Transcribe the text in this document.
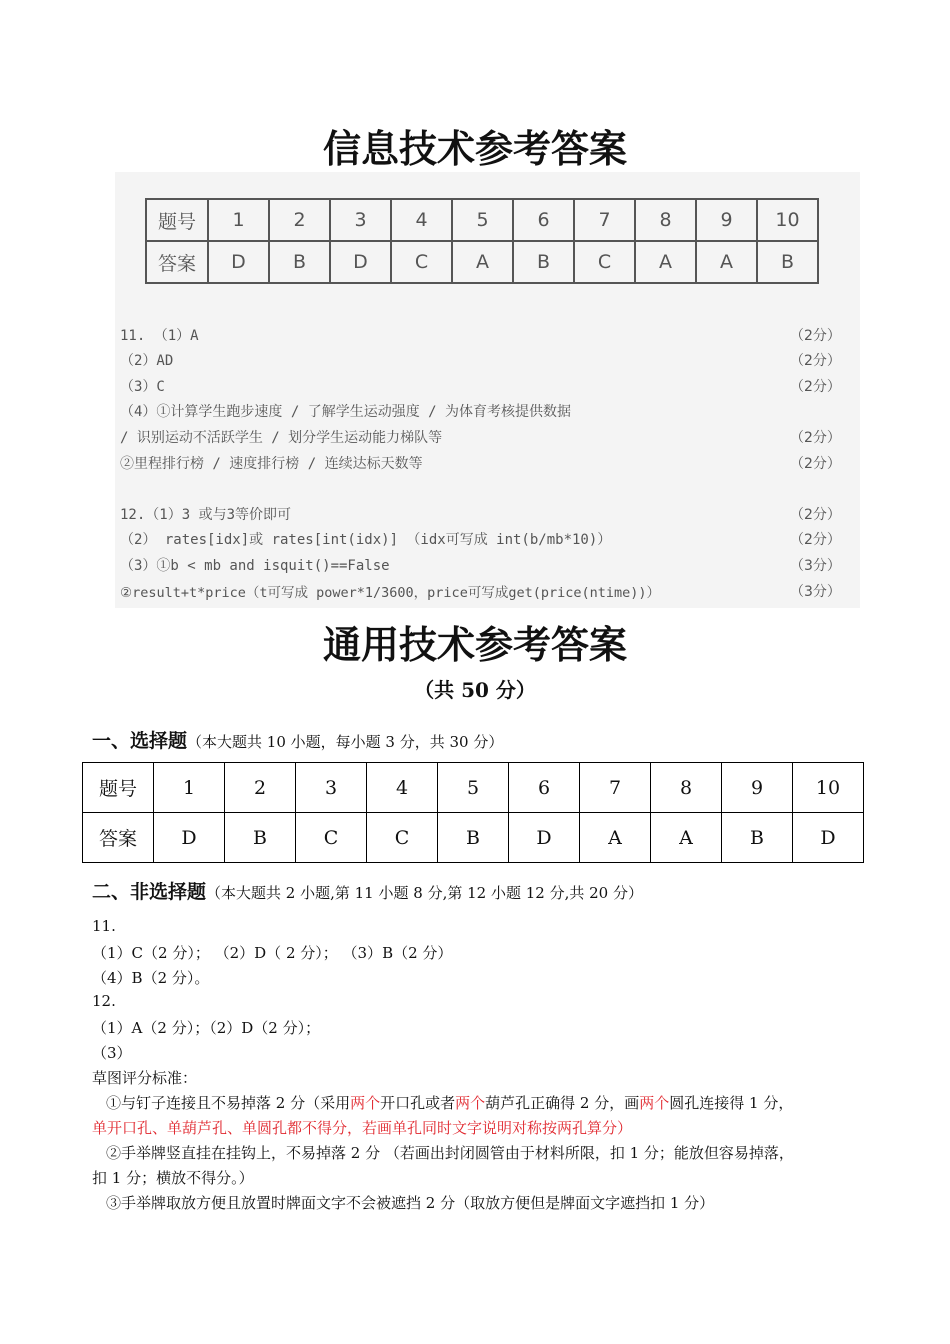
信息技术参考答案
题号	1	2	3	4	5	6	7	8	9	10
答案	D	B	D	C	A	B	C	A	A	B
11. （1）A	（2分）
（2）AD	（2分）
（3）C	（2分）
（4）①计算学生跑步速度 / 了解学生运动强度 / 为体育考核提供数据
/ 识别运动不活跃学生 / 划分学生运动能力梯队等	（2分）
②里程排行榜 / 速度排行榜 / 连续达标天数等	（2分）
12.（1）3 或与3等价即可	（2分）
（2） rates[idx]或 rates[int(idx)] （idx可写成 int(b/mb*10)）	（2分）
（3）①b < mb and isquit()==False	（3分）
②result+t*price（t可写成 power*1/3600，price可写成get(price(ntime))）	（3分）
通用技术参考答案
（共 50 分）
一、选择题（本大题共 10 小题，每小题 3 分，共 30 分）
题号	1	2	3	4	5	6	7	8	9	10
答案	D	B	C	C	B	D	A	A	B	D
二、非选择题（本大题共 2 小题,第 11 小题 8 分,第 12 小题 12 分,共 20 分）
11.
（1）C（2 分）； （2）D（ 2 分）； （3）B（2 分）
（4）B（2 分）。
12.
（1）A（2 分）；（2）D（2 分）；
（3）
草图评分标准：
①与钉子连接且不易掉落 2 分（采用两个开口孔或者两个葫芦孔正确得 2 分，画两个圆孔连接得 1 分，
单开口孔、单葫芦孔、单圆孔都不得分，若画单孔同时文字说明对称按两孔算分）
②手举牌竖直挂在挂钩上，不易掉落 2 分 （若画出封闭圆管由于材料所限，扣 1 分；能放但容易掉落，
扣 1 分；横放不得分。）
③手举牌取放方便且放置时牌面文字不会被遮挡 2 分（取放方便但是牌面文字遮挡扣 1 分）
